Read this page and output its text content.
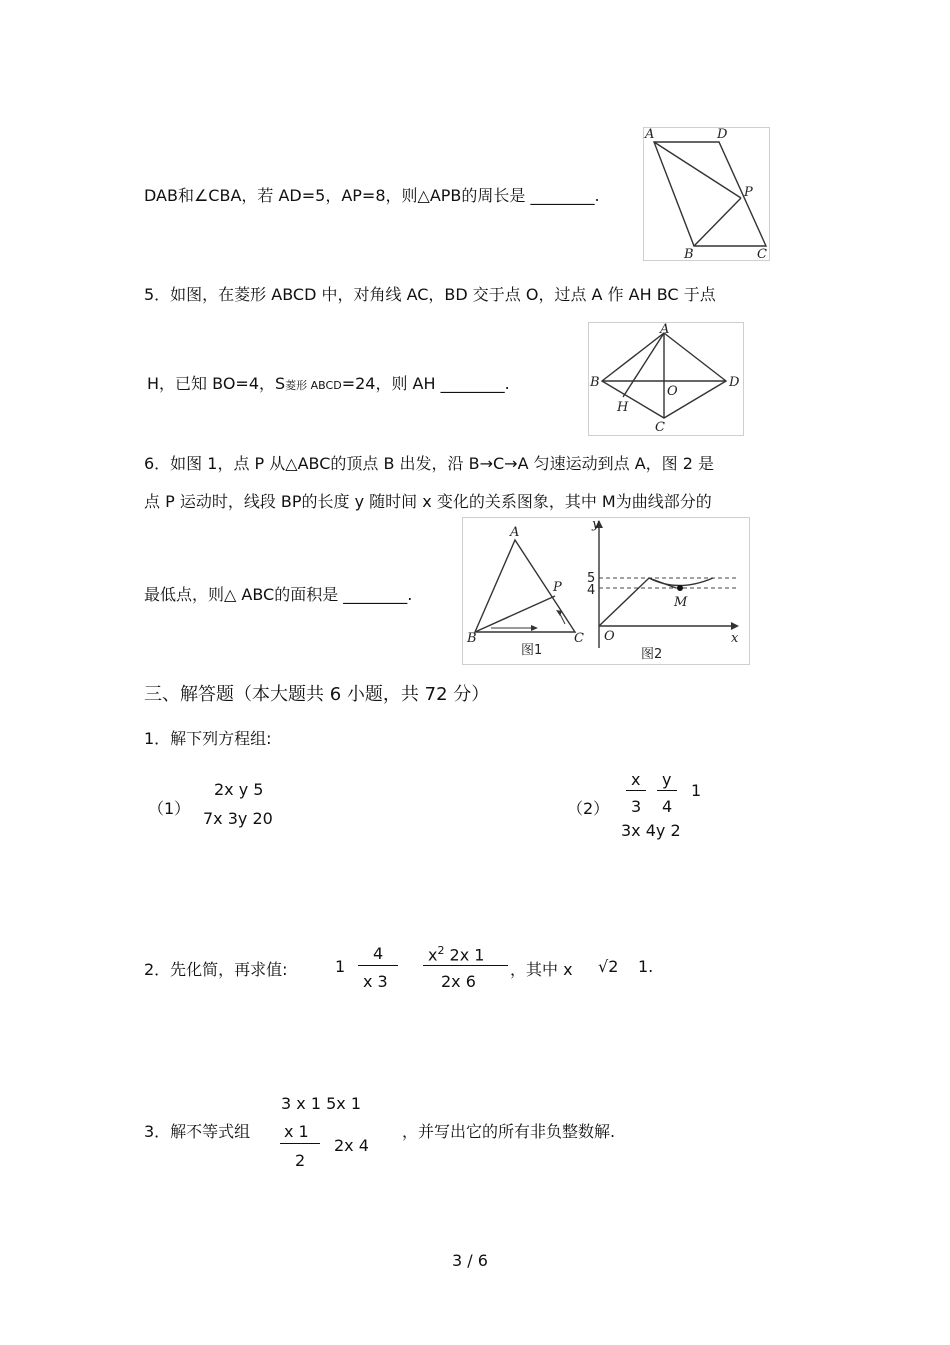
DAB和∠CBA，若 AD=5，AP=8，则△APB的周长是 ________.
A	D
P
B	C
5．如图，在菱形 ABCD 中，对角线 AC，BD 交于点 O，过点 A 作 AH BC 于点
H，已知 BO=4，S菱形 ABCD=24，则 AH ________.
A
B	D
O
H
C
6．如图 1，点 P 从△ABC的顶点 B 出发，沿 B→C→A 匀速运动到点 A，图 2 是
点 P 运动时，线段 BP的长度 y 随时间 x 变化的关系图象，其中 M为曲线部分的
最低点，则△ ABC的面积是 ________.
A
P
B	C
图1
y
5
4
O
M
x
图2
三、解答题（本大题共 6 小题，共 72 分）
1．解下列方程组:
（1）
2x y 5
7x 3y 20
（2）
x
3
y
4
1
3x 4y 2
2．先化简，再求值:	1
4
x 3
$x^2$ 2x 1
2x 6
，其中 x √2 1.
3．解不等式组
3 x 1 5x 1
x 1
2
2x 4
，并写出它的所有非负整数解.
3 / 6
